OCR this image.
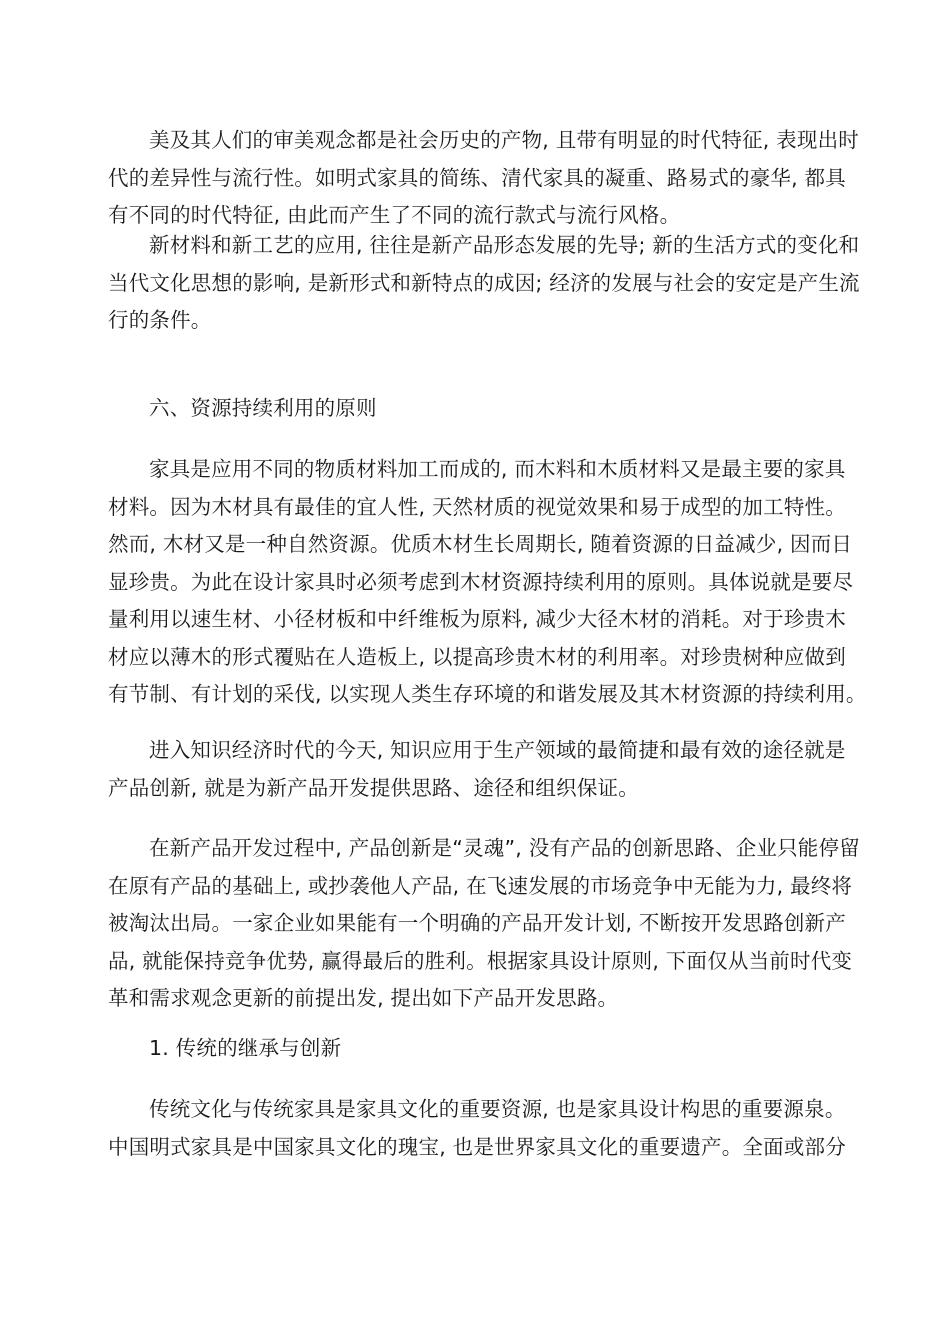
美及其人们的审美观念都是社会历史的产物, 且带有明显的时代特征, 表现出时
代的差异性与流行性。如明式家具的简练、清代家具的凝重、路易式的豪华, 都具
有不同的时代特征, 由此而产生了不同的流行款式与流行风格。
新材料和新工艺的应用, 往往是新产品形态发展的先导; 新的生活方式的变化和
当代文化思想的影响, 是新形式和新特点的成因; 经济的发展与社会的安定是产生流
行的条件。
六、资源持续利用的原则
家具是应用不同的物质材料加工而成的, 而木料和木质材料又是最主要的家具
材料。因为木材具有最佳的宜人性, 天然材质的视觉效果和易于成型的加工特性。
然而, 木材又是一种自然资源。优质木材生长周期长, 随着资源的日益减少, 因而日
显珍贵。为此在设计家具时必须考虑到木材资源持续利用的原则。具体说就是要尽
量利用以速生材、小径材板和中纤维板为原料, 减少大径木材的消耗。对于珍贵木
材应以薄木的形式覆贴在人造板上, 以提高珍贵木材的利用率。对珍贵树种应做到
有节制、有计划的采伐, 以实现人类生存环境的和谐发展及其木材资源的持续利用。
进入知识经济时代的今天, 知识应用于生产领域的最简捷和最有效的途径就是
产品创新, 就是为新产品开发提供思路、途径和组织保证。
在新产品开发过程中, 产品创新是“灵魂”, 没有产品的创新思路、企业只能停留
在原有产品的基础上, 或抄袭他人产品, 在飞速发展的市场竞争中无能为力, 最终将
被淘汰出局。一家企业如果能有一个明确的产品开发计划, 不断按开发思路创新产
品, 就能保持竞争优势, 赢得最后的胜利。根据家具设计原则, 下面仅从当前时代变
革和需求观念更新的前提出发, 提出如下产品开发思路。
1. 传统的继承与创新
传统文化与传统家具是家具文化的重要资源, 也是家具设计构思的重要源泉。
中国明式家具是中国家具文化的瑰宝, 也是世界家具文化的重要遗产。全面或部分
